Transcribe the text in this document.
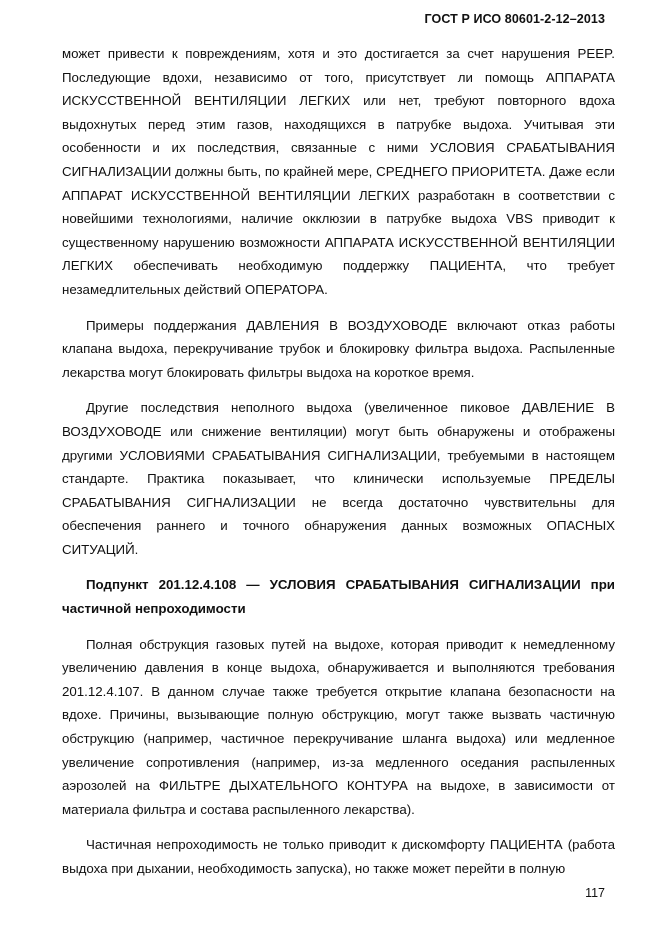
ГОСТ Р ИСО 80601-2-12–2013

может привести к повреждениям, хотя и это достигается за счет нарушения PEEP. Последующие вдохи, независимо от того, присутствует ли помощь АППАРАТА ИСКУССТВЕННОЙ ВЕНТИЛЯЦИИ ЛЕГКИХ или нет, требуют повторного вдоха выдохнутых перед этим газов, находящихся в патрубке выдоха. Учитывая эти особенности и их последствия, связанные с ними УСЛОВИЯ СРАБАТЫВАНИЯ СИГНАЛИЗАЦИИ должны быть, по крайней мере, СРЕДНЕГО ПРИОРИТЕТА. Даже если АППАРАТ ИСКУССТВЕННОЙ ВЕНТИЛЯЦИИ ЛЕГКИХ разработакн в соответствии с новейшими технологиями, наличие окклюзии в патрубке выдоха VBS приводит к существенному нарушению возможности АППАРАТА ИСКУССТВЕННОЙ ВЕНТИЛЯЦИИ ЛЕГКИХ обеспечивать необходимую поддержку ПАЦИЕНТА, что требует незамедлительных действий ОПЕРАТОРА.

Примеры поддержания ДАВЛЕНИЯ В ВОЗДУХОВОДЕ включают отказ работы клапана выдоха, перекручивание трубок и блокировку фильтра выдоха. Распыленные лекарства могут блокировать фильтры выдоха на короткое время.

Другие последствия неполного выдоха (увеличенное пиковое ДАВЛЕНИЕ В ВОЗДУХОВОДЕ или снижение вентиляции) могут быть обнаружены и отображены другими УСЛОВИЯМИ СРАБАТЫВАНИЯ СИГНАЛИЗАЦИИ, требуемыми в настоящем стандарте. Практика показывает, что клинически используемые ПРЕДЕЛЫ СРАБАТЫВАНИЯ СИГНАЛИЗАЦИИ не всегда достаточно чувствительны для обеспечения раннего и точного обнаружения данных возможных ОПАСНЫХ СИТУАЦИЙ.

Подпункт 201.12.4.108 — УСЛОВИЯ СРАБАТЫВАНИЯ СИГНАЛИЗАЦИИ при частичной непроходимости

Полная обструкция газовых путей на выдохе, которая приводит к немедленному увеличению давления в конце выдоха, обнаруживается и выполняются требования 201.12.4.107. В данном случае также требуется открытие клапана безопасности на вдохе. Причины, вызывающие полную обструкцию, могут также вызвать частичную обструкцию (например, частичное перекручивание шланга выдоха) или медленное увеличение сопротивления (например, из-за медленного оседания распыленных аэрозолей на ФИЛЬТРЕ ДЫХАТЕЛЬНОГО КОНТУРА на выдохе, в зависимости от материала фильтра и состава распыленного лекарства).

Частичная непроходимость не только приводит к дискомфорту ПАЦИЕНТА (работа выдоха при дыхании, необходимость запуска), но также может перейти в полную

117
